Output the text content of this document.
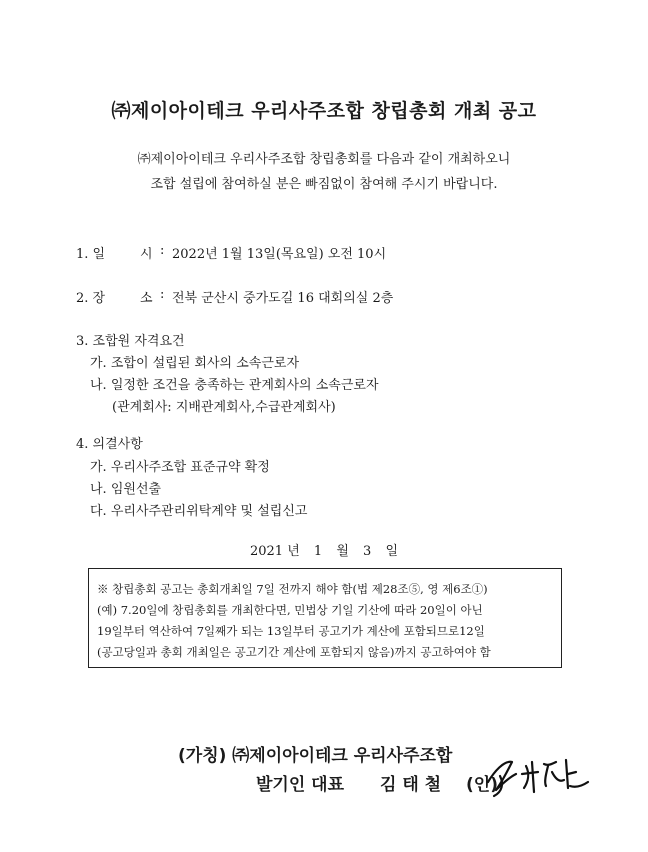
㈜제이아이테크 우리사주조합 창립총회 개최 공고
㈜제이아이테크 우리사주조합 창립총회를 다음과 같이 개최하오니
조합 설립에 참여하실 분은 빠짐없이 참여해 주시기 바랍니다.
1. 일	시 : 2022년 1월 13일(목요일) 오전 10시
2. 장	소 : 전북 군산시 중가도길 16 대회의실 2층
3. 조합원 자격요건
가. 조합이 설립된 회사의 소속근로자
나. 일정한 조건을 충족하는 관계회사의 소속근로자
(관계회사: 지배관계회사,수급관계회사)
4. 의결사항
가. 우리사주조합 표준규약 확정
나. 임원선출
다. 우리사주관리위탁계약 및 설립신고
2021 년 1 월 3 일
※ 창립총회 공고는 총회개최일 7일 전까지 해야 함(법 제28조⑤, 영 제6조①)
(예) 7.20일에 창립총회를 개최한다면, 민법상 기일 기산에 따라 20일이 아닌
19일부터 역산하여 7일째가 되는 13일부터 공고기가 계산에 포함되므로12일
(공고당일과 총회 개최일은 공고기간 계산에 포함되지 않음)까지 공고하여야 함
(가칭) ㈜제이아이테크 우리사주조합
발기인 대표 김 태 철 (인)
